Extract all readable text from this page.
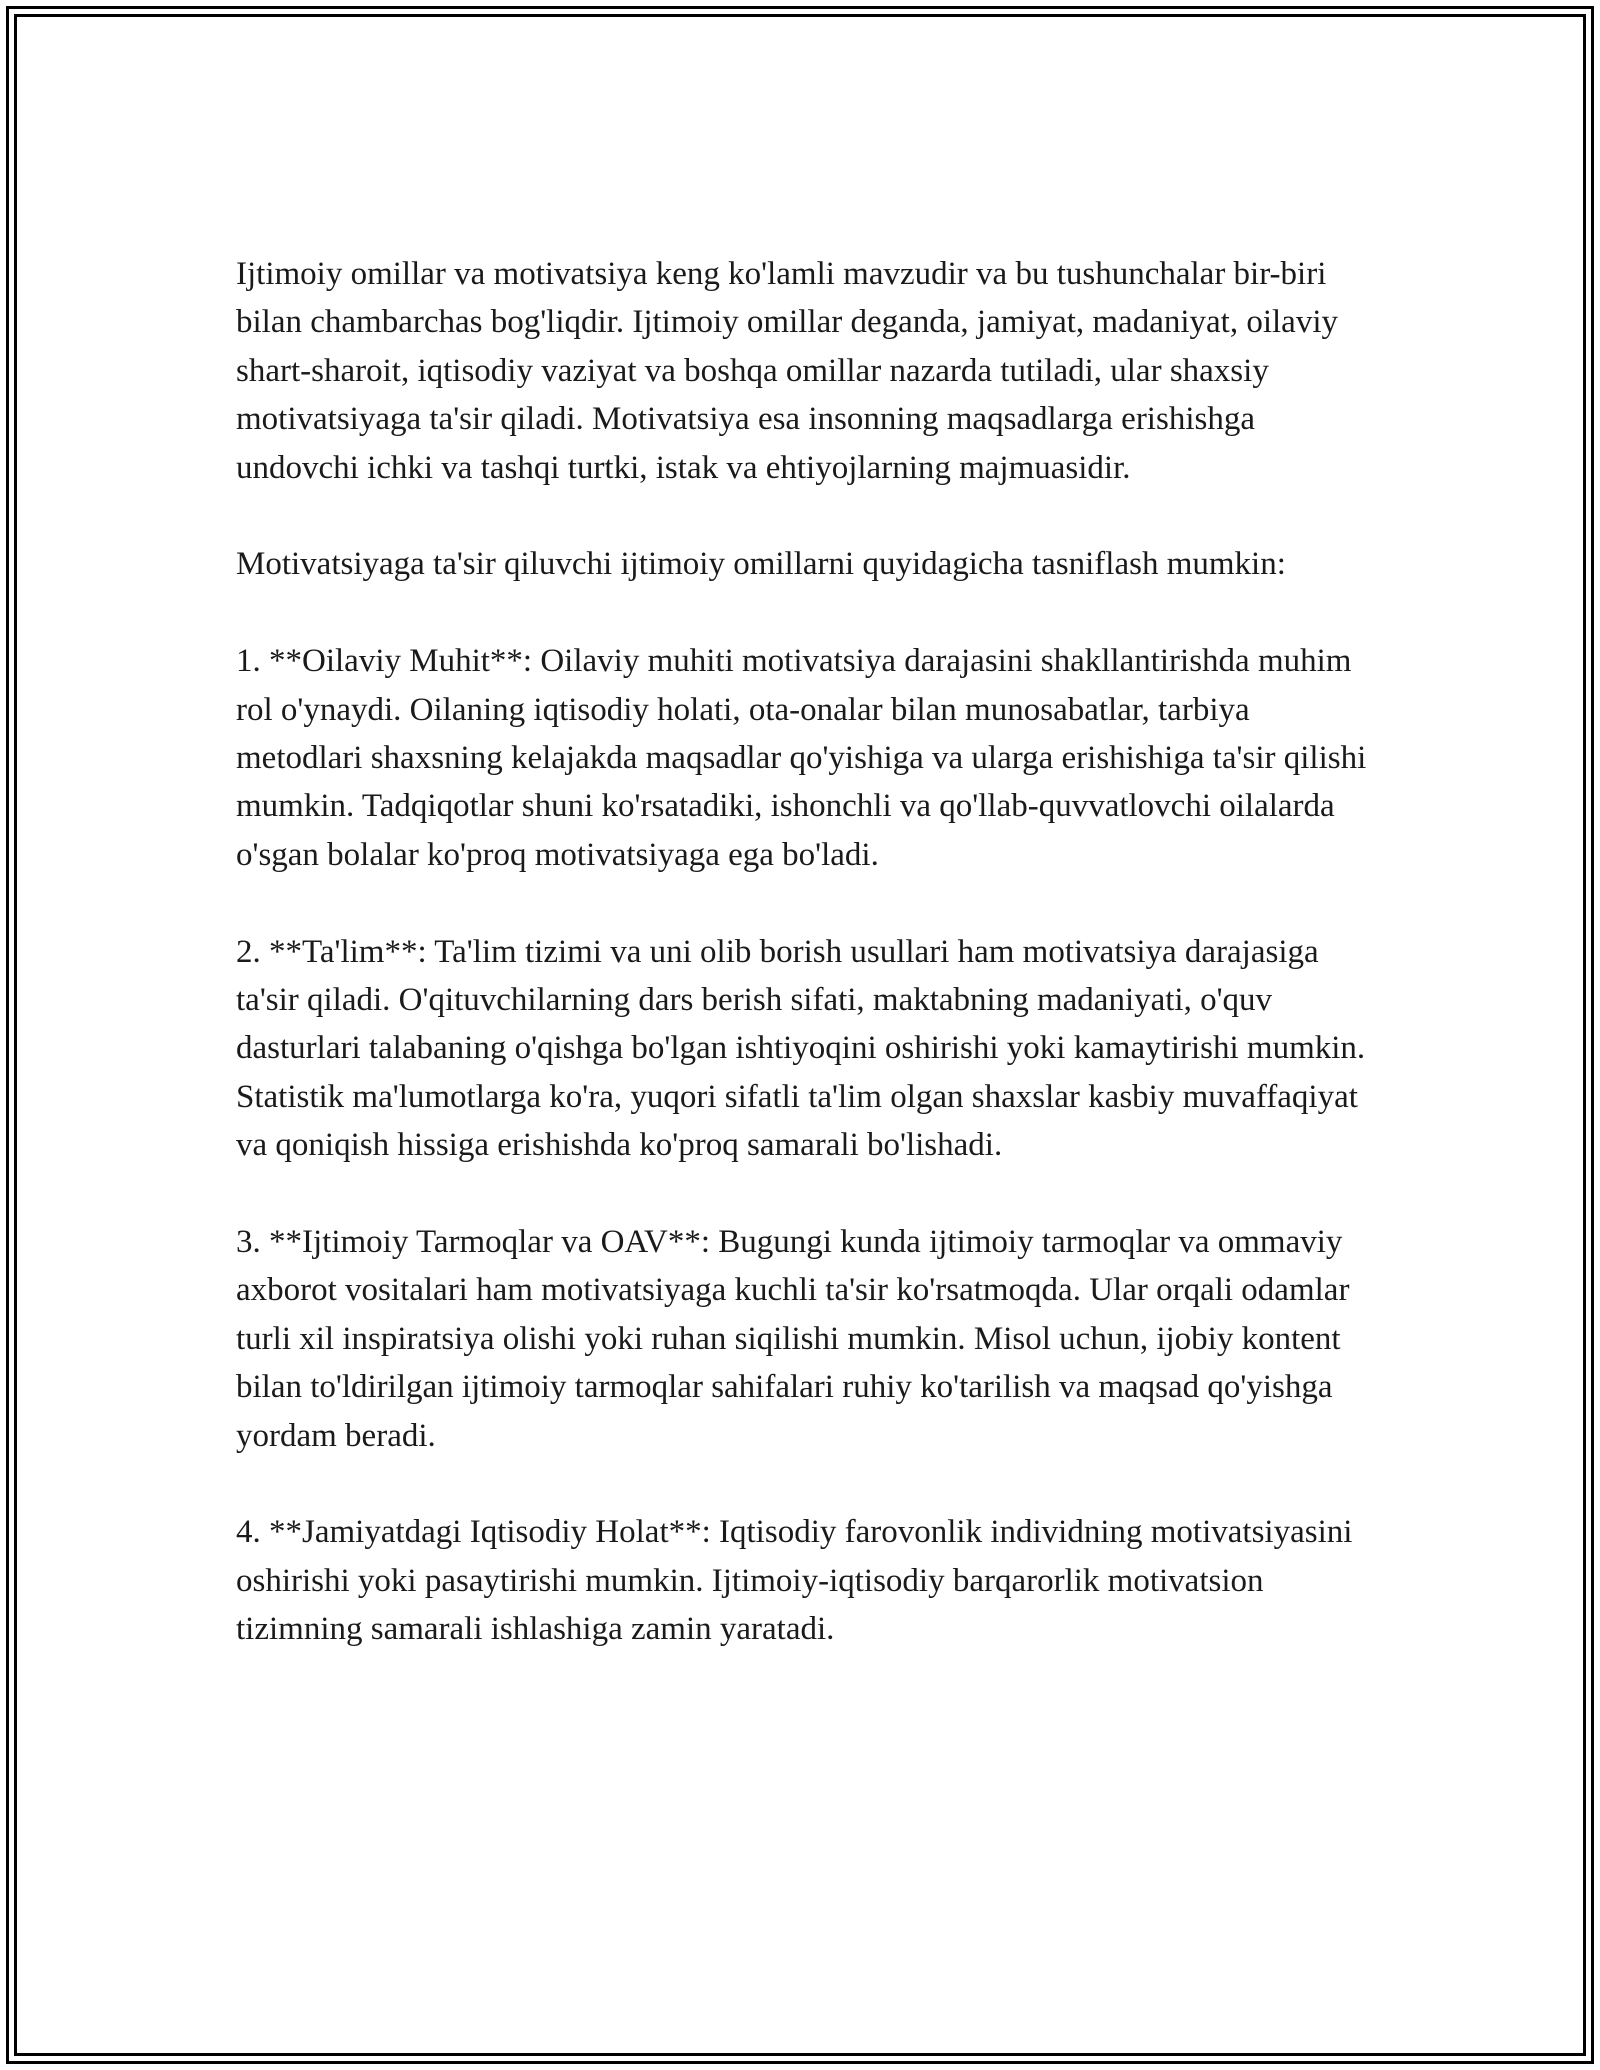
Ijtimoiy omillar va motivatsiya keng ko'lamli mavzudir va bu tushunchalar bir-biri bilan chambarchas bog'liqdir. Ijtimoiy omillar deganda, jamiyat, madaniyat, oilaviy shart-sharoit, iqtisodiy vaziyat va boshqa omillar nazarda tutiladi, ular shaxsiy motivatsiyaga ta'sir qiladi. Motivatsiya esa insonning maqsadlarga erishishga undovchi ichki va tashqi turtki, istak va ehtiyojlarning majmuasidir.

Motivatsiyaga ta'sir qiluvchi ijtimoiy omillarni quyidagicha tasniflash mumkin:

1. **Oilaviy Muhit**: Oilaviy muhiti motivatsiya darajasini shakllantirishda muhim rol o'ynaydi. Oilaning iqtisodiy holati, ota-onalar bilan munosabatlar, tarbiya metodlari shaxsning kelajakda maqsadlar qo'yishiga va ularga erishishiga ta'sir qilishi mumkin. Tadqiqotlar shuni ko'rsatadiki, ishonchli va qo'llab-quvvatlovchi oilalarda o'sgan bolalar ko'proq motivatsiyaga ega bo'ladi.

2. **Ta'lim**: Ta'lim tizimi va uni olib borish usullari ham motivatsiya darajasiga ta'sir qiladi. O'qituvchilarning dars berish sifati, maktabning madaniyati, o'quv dasturlari talabaning o'qishga bo'lgan ishtiyoqini oshirishi yoki kamaytirishi mumkin. Statistik ma'lumotlarga ko'ra, yuqori sifatli ta'lim olgan shaxslar kasbiy muvaffaqiyat va qoniqish hissiga erishishda ko'proq samarali bo'lishadi.

3. **Ijtimoiy Tarmoqlar va OAV**: Bugungi kunda ijtimoiy tarmoqlar va ommaviy axborot vositalari ham motivatsiyaga kuchli ta'sir ko'rsatmoqda. Ular orqali odamlar turli xil inspiratsiya olishi yoki ruhan siqilishi mumkin. Misol uchun, ijobiy kontent bilan to'ldirilgan ijtimoiy tarmoqlar sahifalari ruhiy ko'tarilish va maqsad qo'yishga yordam beradi.

4. **Jamiyatdagi Iqtisodiy Holat**: Iqtisodiy farovonlik individning motivatsiyasini oshirishi yoki pasaytirishi mumkin. Ijtimoiy-iqtisodiy barqarorlik motivatsion tizimning samarali ishlashiga zamin yaratadi.
